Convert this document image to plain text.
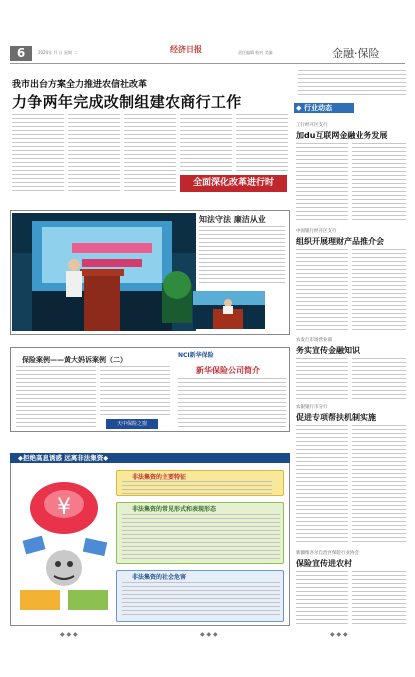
6	2024年 月 日 星期 二	经济日报	责任编辑 校对 美编	金融·保险
我市出台方案全力推进农信社改革
力争两年完成改制组建农商行工作
全面深化改革进行时
行业动态
◆
工行经开区支行
加du互联网金融业务发展
中国银行经开区支行
组织开展理财产品推介会
农发行市场营业部
务实宣传金融知识
农银银行市分行
促进专项帮扶机制实施
新疆维吾尔自治区保险行业协会
保险宣传进农村
知法守法 廉洁从业
保险案例——黄大妈诉案例（二）
天中保险之窗
NCI新华保险
新华保险公司简介
◆拒绝高息诱惑 远离非法集资◆
¥
非法集资的主要特征
非法集资的常见形式和表现形态
非法集资的社会危害
◆ ◆ ◆	◆ ◆ ◆	◆ ◆ ◆
